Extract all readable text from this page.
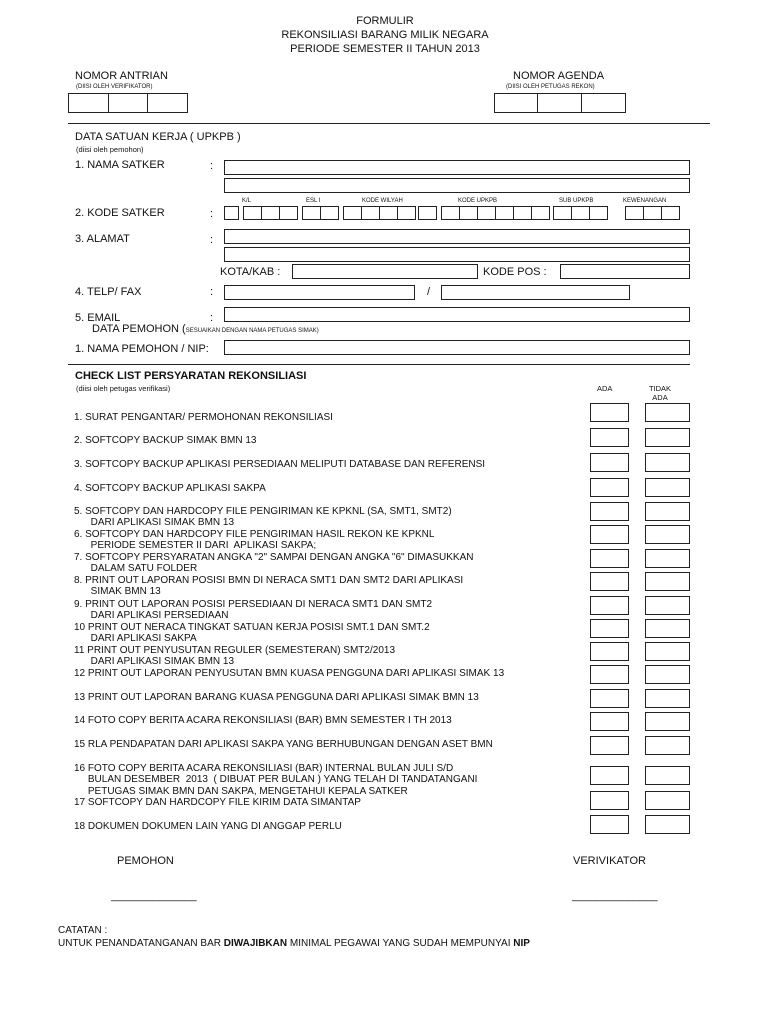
FORMULIR
REKONSILIASI BARANG MILIK NEGARA
PERIODE SEMESTER II TAHUN 2013
NOMOR ANTRIAN
(DIISI OLEH VERIFIKATOR)
NOMOR AGENDA
(DIISI OLEH PETUGAS REKON)
DATA SATUAN KERJA ( UPKPB )
(diisi oleh pemohon)
1. NAMA SATKER	:
K/L	ESL I	KODE WILYAH	KODE UPKPB	SUB UPKPB	KEWENANGAN
2. KODE SATKER	:
3. ALAMAT	:
KOTA/KAB :	KODE POS :
4. TELP/ FAX	:	/
5. EMAIL	:
DATA PEMOHON (SESUAIKAN DENGAN NAMA PETUGAS SIMAK)
1. NAMA PEMOHON / NIP:
CHECK LIST PERSYARATAN REKONSILIASI
(diisi oleh petugas verifikasi)	ADA	TIDAK
ADA
1. SURAT PENGANTAR/ PERMOHONAN REKONSILIASI
2. SOFTCOPY BACKUP SIMAK BMN 13
3. SOFTCOPY BACKUP APLIKASI PERSEDIAAN MELIPUTI DATABASE DAN REFERENSI
4. SOFTCOPY BACKUP APLIKASI SAKPA
5. SOFTCOPY DAN HARDCOPY FILE PENGIRIMAN KE KPKNL (SA, SMT1, SMT2)
DARI APLIKASI SIMAK BMN 13
6. SOFTCOPY DAN HARDCOPY FILE PENGIRIMAN HASIL REKON KE KPKNL
PERIODE SEMESTER II DARI  APLIKASI SAKPA;
7. SOFTCOPY PERSYARATAN ANGKA "2" SAMPAI DENGAN ANGKA "6" DIMASUKKAN
DALAM SATU FOLDER
8. PRINT OUT LAPORAN POSISI BMN DI NERACA SMT1 DAN SMT2 DARI APLIKASI
SIMAK BMN 13
9. PRINT OUT LAPORAN POSISI PERSEDIAAN DI NERACA SMT1 DAN SMT2
DARI APLIKASI PERSEDIAAN
10 PRINT OUT NERACA TINGKAT SATUAN KERJA POSISI SMT.1 DAN SMT.2
DARI APLIKASI SAKPA
11 PRINT OUT PENYUSUTAN REGULER (SEMESTERAN) SMT2/2013
DARI APLIKASI SIMAK BMN 13
12 PRINT OUT LAPORAN PENYUSUTAN BMN KUASA PENGGUNA DARI APLIKASI SIMAK 13
13 PRINT OUT LAPORAN BARANG KUASA PENGGUNA DARI APLIKASI SIMAK BMN 13
14 FOTO COPY BERITA ACARA REKONSILIASI (BAR) BMN SEMESTER I TH 2013
15 RLA PENDAPATAN DARI APLIKASI SAKPA YANG BERHUBUNGAN DENGAN ASET BMN
16 FOTO COPY BERITA ACARA REKONSILIASI (BAR) INTERNAL BULAN JULI S/D
BULAN DESEMBER  2013  ( DIBUAT PER BULAN ) YANG TELAH DI TANDATANGANI
PETUGAS SIMAK BMN DAN SAKPA, MENGETAHUI KEPALA SATKER
17 SOFTCOPY DAN HARDCOPY FILE KIRIM DATA SIMANTAP
18 DOKUMEN DOKUMEN LAIN YANG DI ANGGAP PERLU
PEMOHON	VERIVIKATOR
______________	______________
CATATAN :
UNTUK PENANDATANGANAN BAR DIWAJIBKAN MINIMAL PEGAWAI YANG SUDAH MEMPUNYAI NIP
